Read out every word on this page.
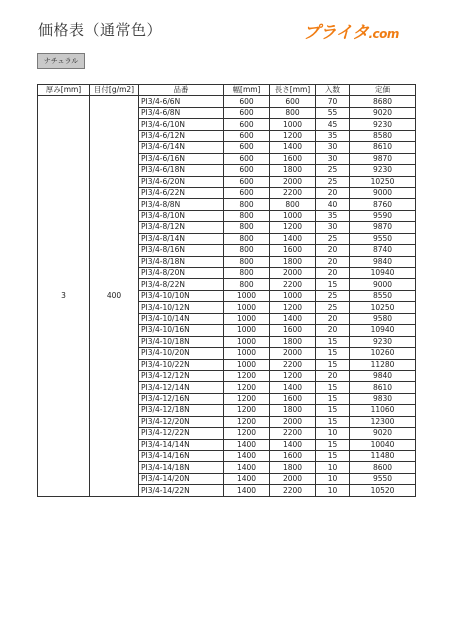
価格表（通常色）	プライタ.com
ナチュラル
厚み[mm]	目付[g/m2]	品番	幅[mm]	長さ[mm]	入数	定価
3	400	PI3/4-6/6N	600	600	70	8680
		PI3/4-6/8N	600	800	55	9020
		PI3/4-6/10N	600	1000	45	9230
		PI3/4-6/12N	600	1200	35	8580
		PI3/4-6/14N	600	1400	30	8610
		PI3/4-6/16N	600	1600	30	9870
		PI3/4-6/18N	600	1800	25	9230
		PI3/4-6/20N	600	2000	25	10250
		PI3/4-6/22N	600	2200	20	9000
		PI3/4-8/8N	800	800	40	8760
		PI3/4-8/10N	800	1000	35	9590
		PI3/4-8/12N	800	1200	30	9870
		PI3/4-8/14N	800	1400	25	9550
		PI3/4-8/16N	800	1600	20	8740
		PI3/4-8/18N	800	1800	20	9840
		PI3/4-8/20N	800	2000	20	10940
		PI3/4-8/22N	800	2200	15	9000
		PI3/4-10/10N	1000	1000	25	8550
		PI3/4-10/12N	1000	1200	25	10250
		PI3/4-10/14N	1000	1400	20	9580
		PI3/4-10/16N	1000	1600	20	10940
		PI3/4-10/18N	1000	1800	15	9230
		PI3/4-10/20N	1000	2000	15	10260
		PI3/4-10/22N	1000	2200	15	11280
		PI3/4-12/12N	1200	1200	20	9840
		PI3/4-12/14N	1200	1400	15	8610
		PI3/4-12/16N	1200	1600	15	9830
		PI3/4-12/18N	1200	1800	15	11060
		PI3/4-12/20N	1200	2000	15	12300
		PI3/4-12/22N	1200	2200	10	9020
		PI3/4-14/14N	1400	1400	15	10040
		PI3/4-14/16N	1400	1600	15	11480
		PI3/4-14/18N	1400	1800	10	8600
		PI3/4-14/20N	1400	2000	10	9550
		PI3/4-14/22N	1400	2200	10	10520
